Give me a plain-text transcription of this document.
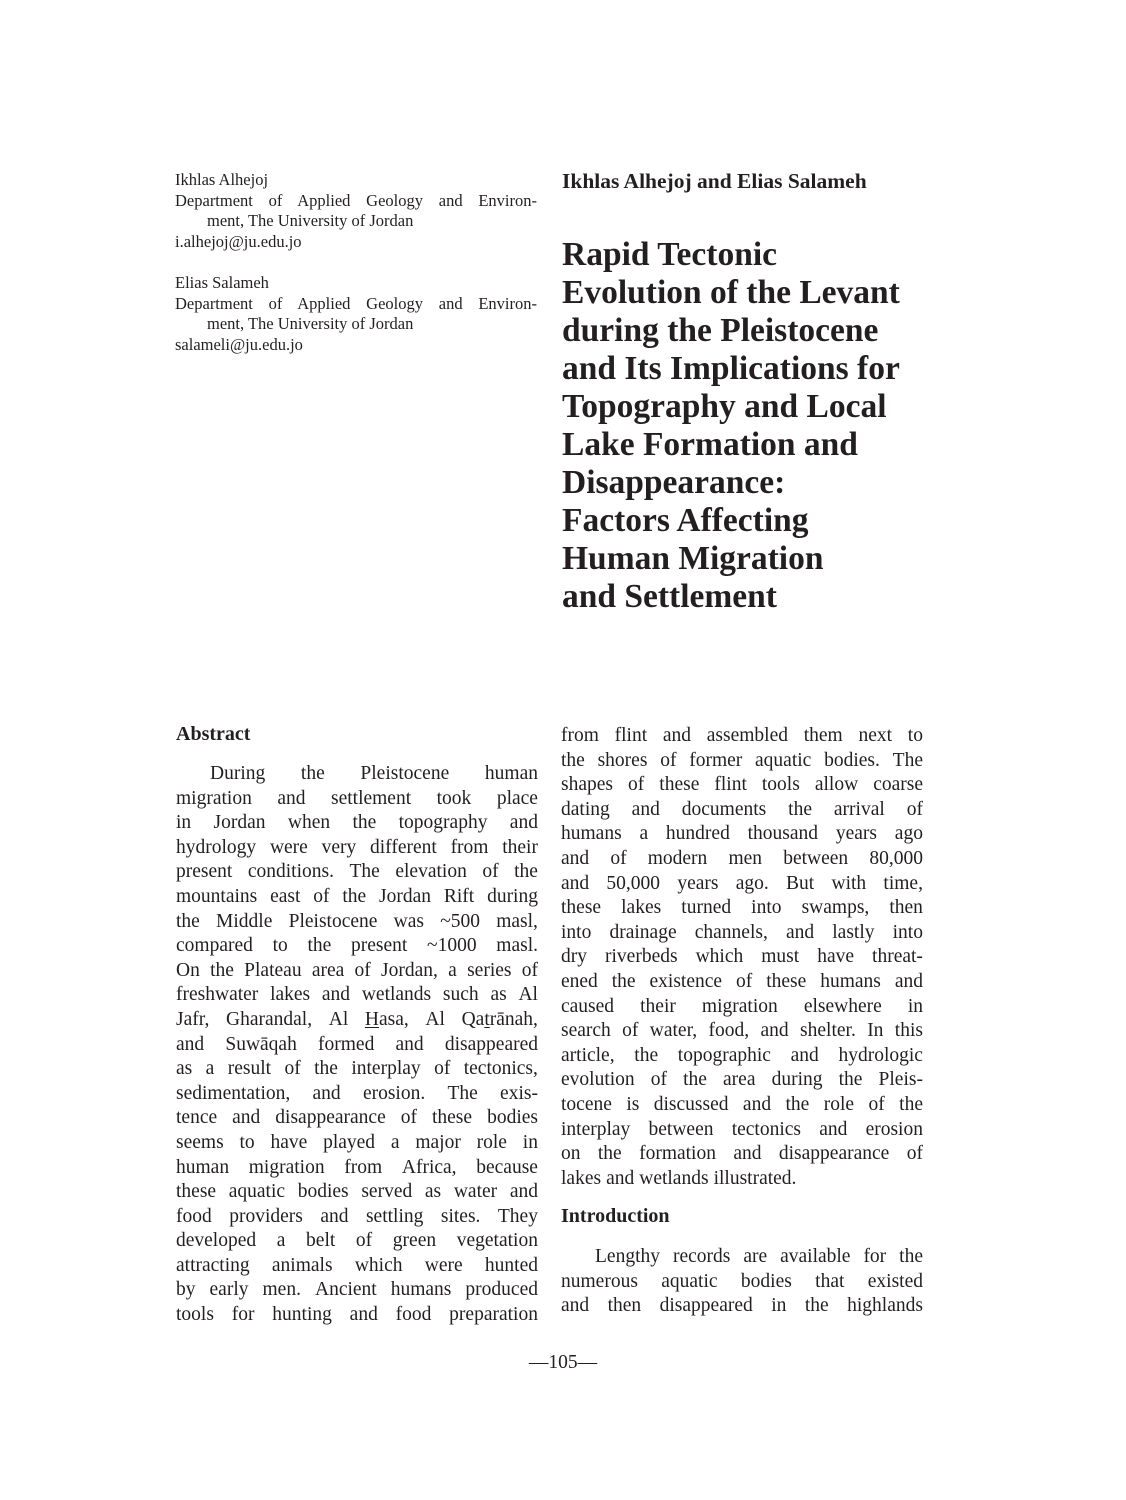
Ikhlas Alhejoj
Department of Applied Geology and Environ-
ment, The University of Jordan
i.alhejoj@ju.edu.jo
Elias Salameh
Department of Applied Geology and Environ-
ment, The University of Jordan
salameli@ju.edu.jo
Ikhlas Alhejoj and Elias Salameh
Rapid Tectonic
Evolution of the Levant
during the Pleistocene
and Its Implications for
Topography and Local
Lake Formation and
Disappearance:
Factors Affecting
Human Migration
and Settlement
Abstract
During the Pleistocene human
migration and settlement took place
in Jordan when the topography and
hydrology were very different from their
present conditions. The elevation of the
mountains east of the Jordan Rift during
the Middle Pleistocene was ~500 masl,
compared to the present ~1000 masl.
On the Plateau area of Jordan, a series of
freshwater lakes and wetlands such as Al
Jafr, Gharandal, Al Hasa, Al Qatrānah,
and Suwāqah formed and disappeared
as a result of the interplay of tectonics,
sedimentation, and erosion. The exis-
tence and disappearance of these bodies
seems to have played a major role in
human migration from Africa, because
these aquatic bodies served as water and
food providers and settling sites. They
developed a belt of green vegetation
attracting animals which were hunted
by early men. Ancient humans produced
tools for hunting and food preparation
from flint and assembled them next to
the shores of former aquatic bodies. The
shapes of these flint tools allow coarse
dating and documents the arrival of
humans a hundred thousand years ago
and of modern men between 80,000
and 50,000 years ago. But with time,
these lakes turned into swamps, then
into drainage channels, and lastly into
dry riverbeds which must have threat-
ened the existence of these humans and
caused their migration elsewhere in
search of water, food, and shelter. In this
article, the topographic and hydrologic
evolution of the area during the Pleis-
tocene is discussed and the role of the
interplay between tectonics and erosion
on the formation and disappearance of
lakes and wetlands illustrated.
Introduction
Lengthy records are available for the
numerous aquatic bodies that existed
and then disappeared in the highlands
—105—
